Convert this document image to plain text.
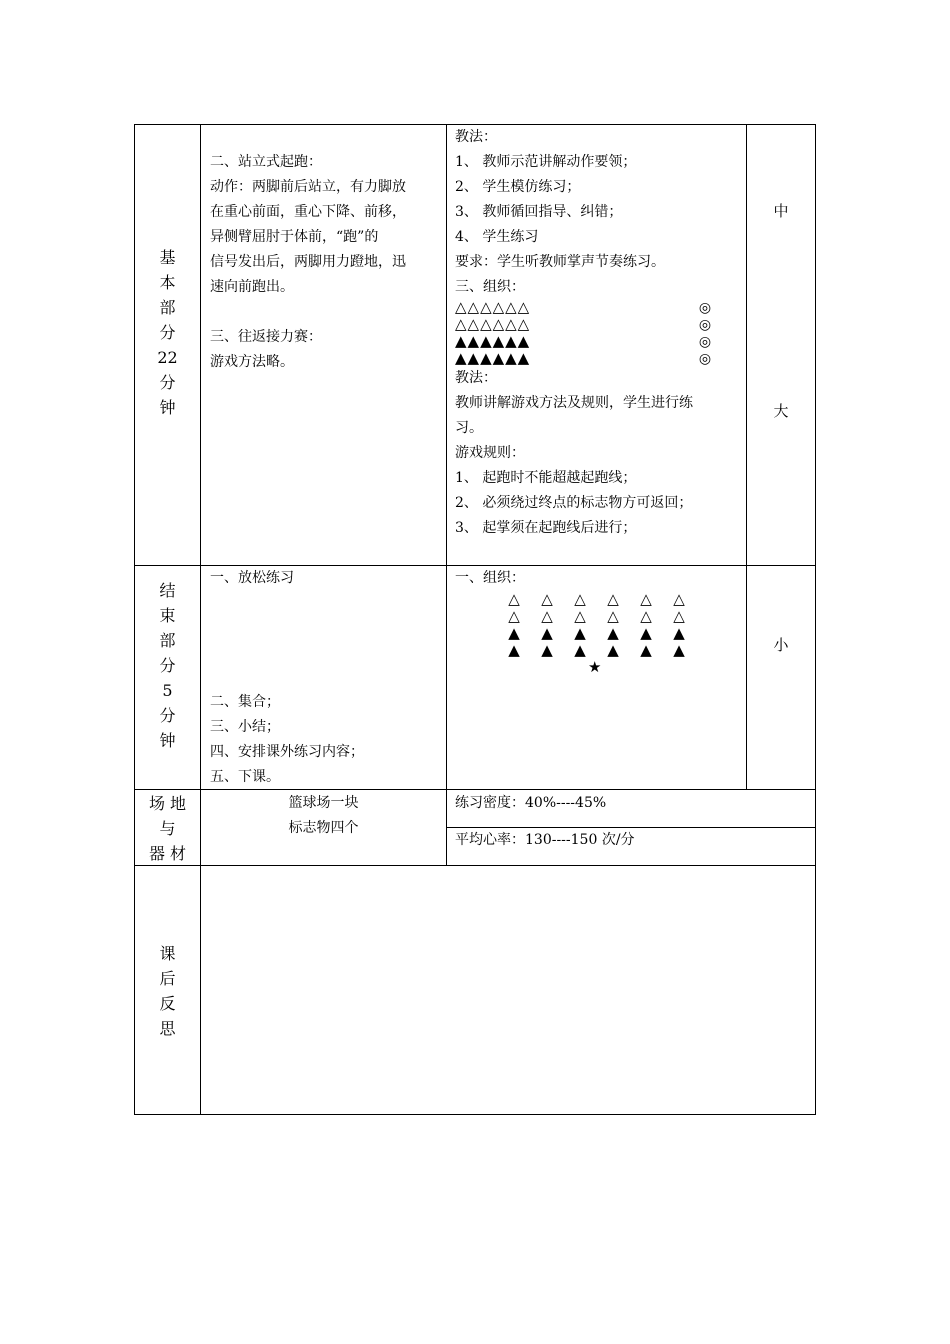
基
本
部
分
22
分
钟
二、站立式起跑：
动作：两脚前后站立，有力脚放
在重心前面，重心下降、前移，
异侧臂屈肘于体前，“跑”的
信号发出后，两脚用力蹬地，迅
速向前跑出。
三、往返接力赛：
游戏方法略。
教法：
1、 教师示范讲解动作要领；
2、 学生模仿练习；
3、 教师循回指导、纠错；
4、 学生练习
要求：学生听教师掌声节奏练习。
三、组织：
△△△△△△
△△△△△△
▲▲▲▲▲▲
▲▲▲▲▲▲
◎
◎
◎
◎
教法：
教师讲解游戏方法及规则，学生进行练
习。
游戏规则：
1、 起跑时不能超越起跑线；
2、 必须绕过终点的标志物方可返回；
3、 起掌须在起跑线后进行；
中
大
结
束
部
分
5
分
钟
一、放松练习
二、集合；
三、小结；
四、安排课外练习内容；
五、下课。
一、组织：
△ △ △ △ △ △
△ △ △ △ △ △
▲ ▲ ▲ ▲ ▲ ▲
▲ ▲ ▲ ▲ ▲ ▲
★
小
场 地
与
器 材
篮球场一块
标志物四个
练习密度：40%----45%
平均心率：130----150 次/分
课
后
反
思
